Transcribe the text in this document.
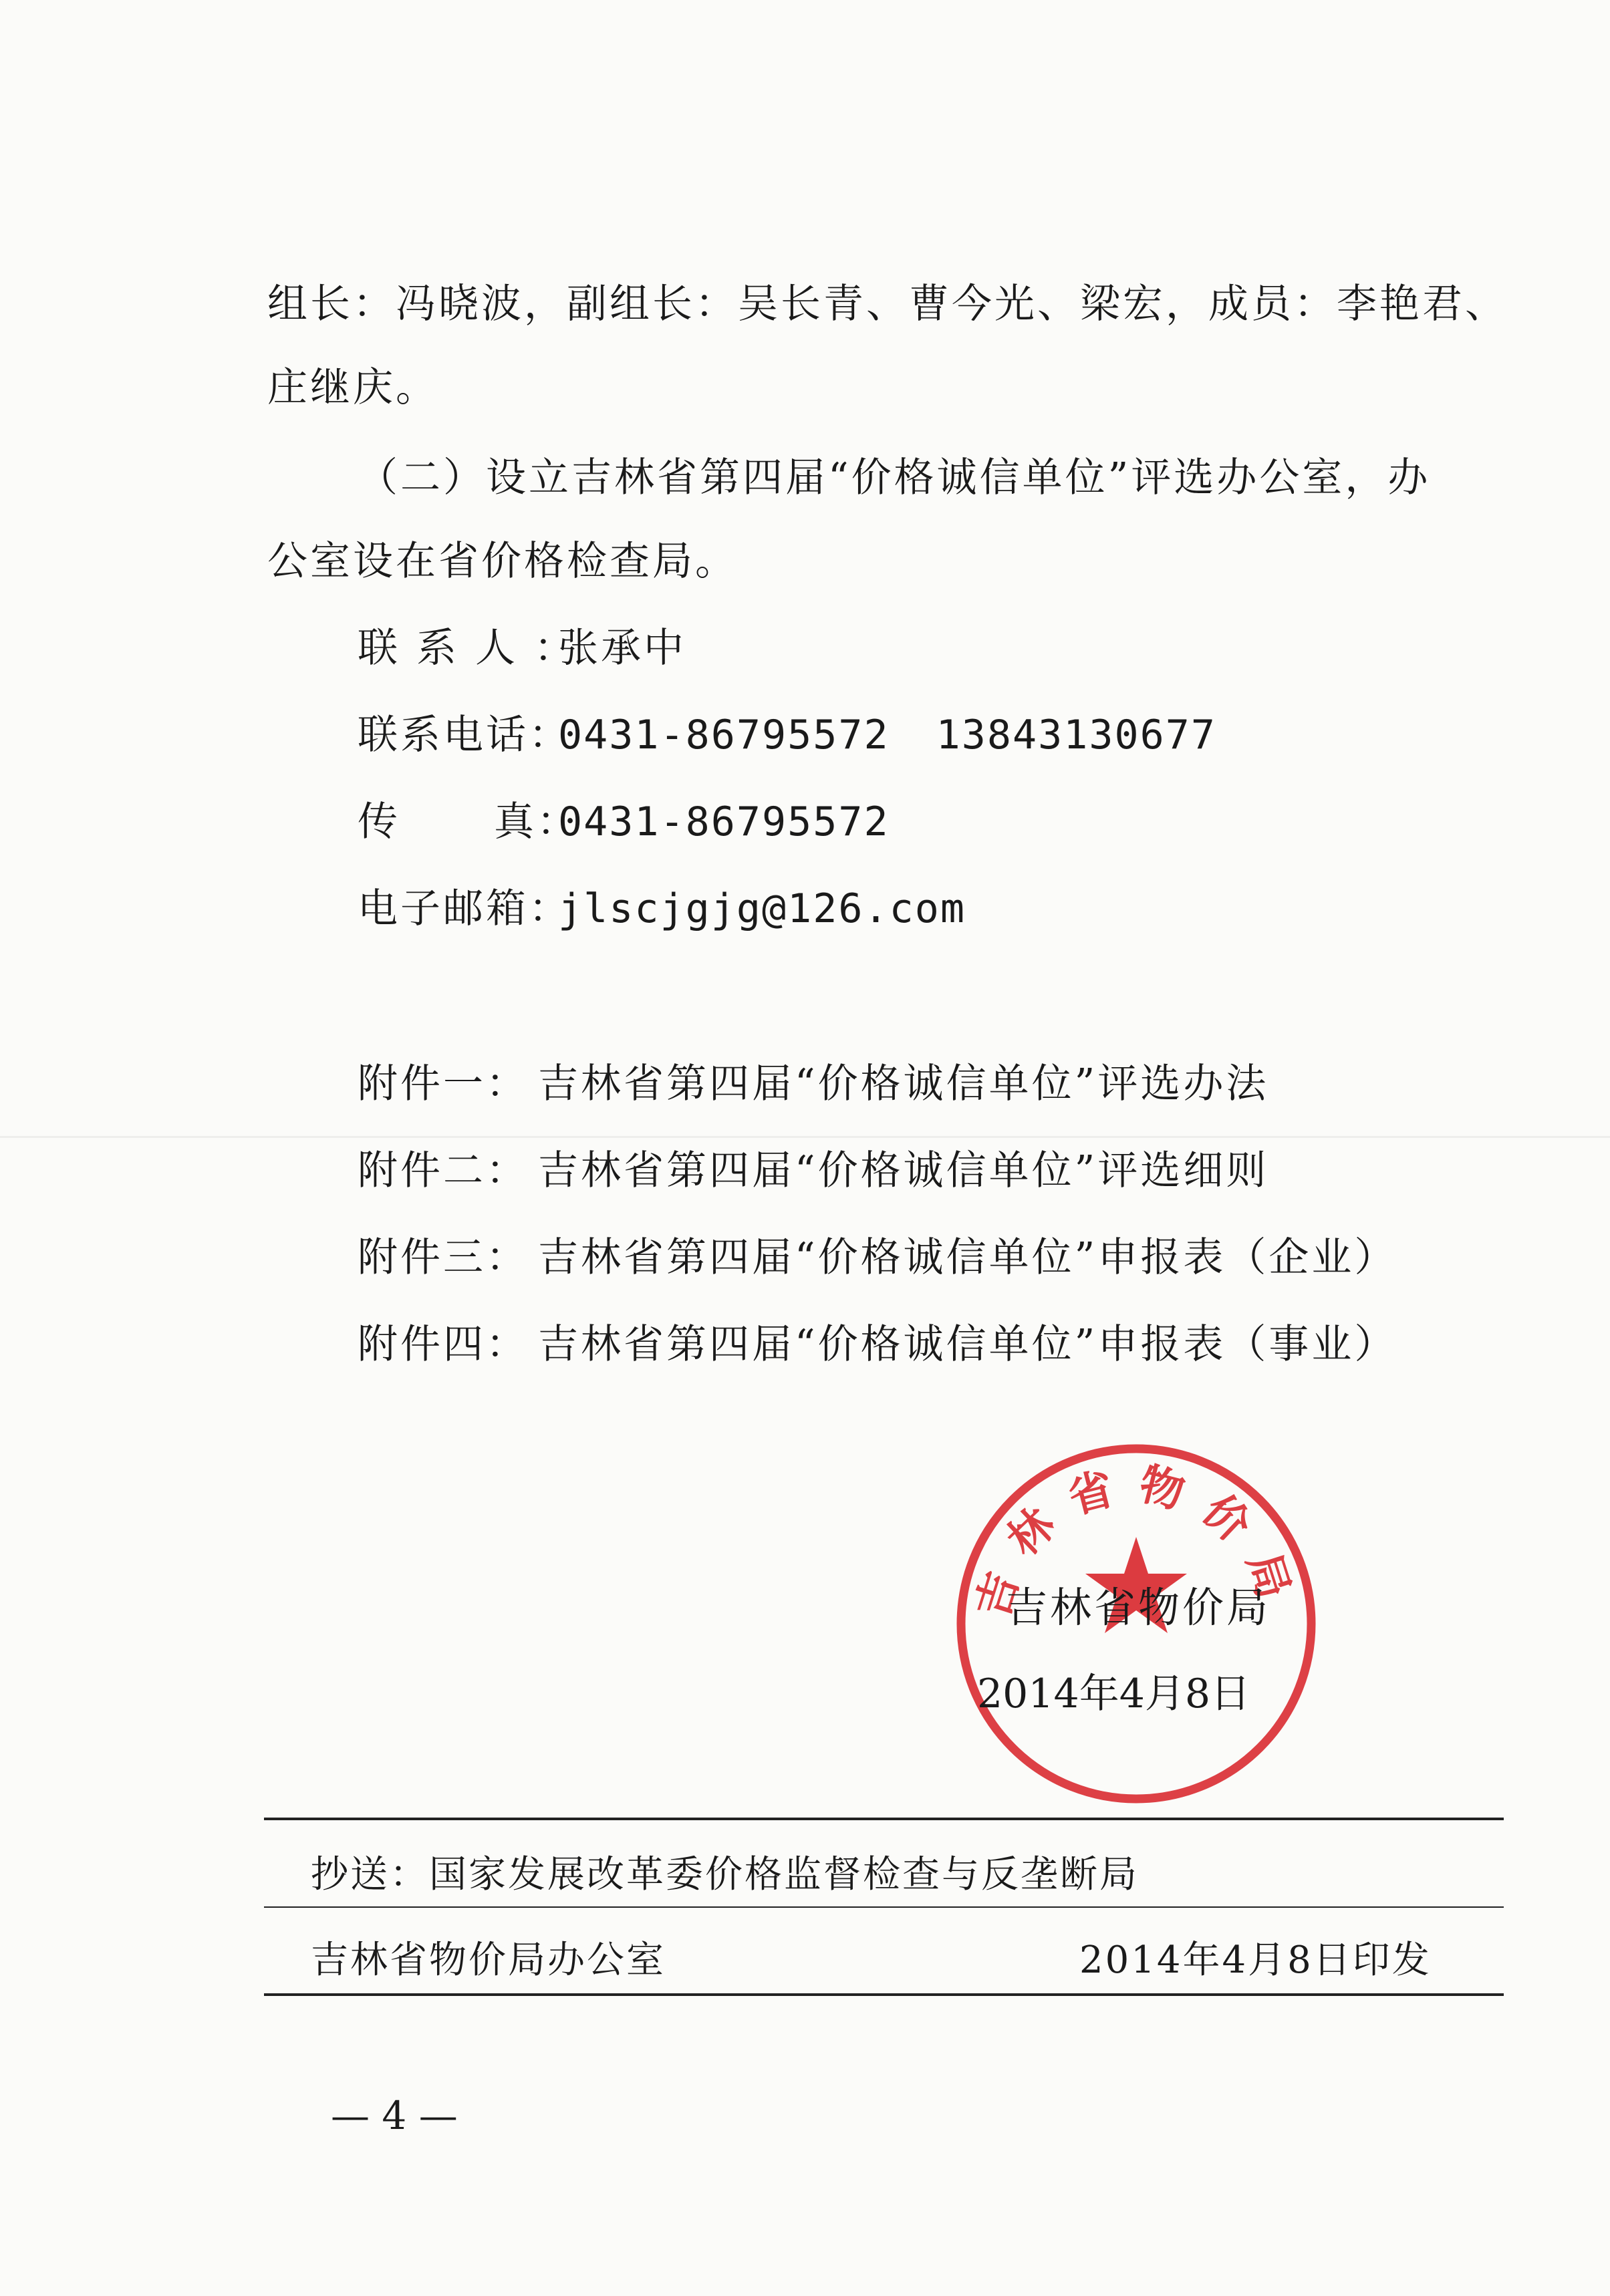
组长：冯晓波，副组长：吴长青、曹今光、梁宏，成员：李艳君、
庄继庆。
（二）设立吉林省第四届“价格诚信单位”评选办公室，办
公室设在省价格检查局。
联系人：张承中
联系电话：0431-86795572 13843130677
传 真：0431-86795572
电子邮箱：jlscjgjg@126.com
附件一： 吉林省第四届“价格诚信单位”评选办法
附件二： 吉林省第四届“价格诚信单位”评选细则
附件三： 吉林省第四届“价格诚信单位”申报表（企业）
附件四： 吉林省第四届“价格诚信单位”申报表（事业）
吉林省物价局
吉林省物价局
2014年4月8日
抄送：国家发展改革委价格监督检查与反垄断局
吉林省物价局办公室	2014年4月8日印发
— 4 —
